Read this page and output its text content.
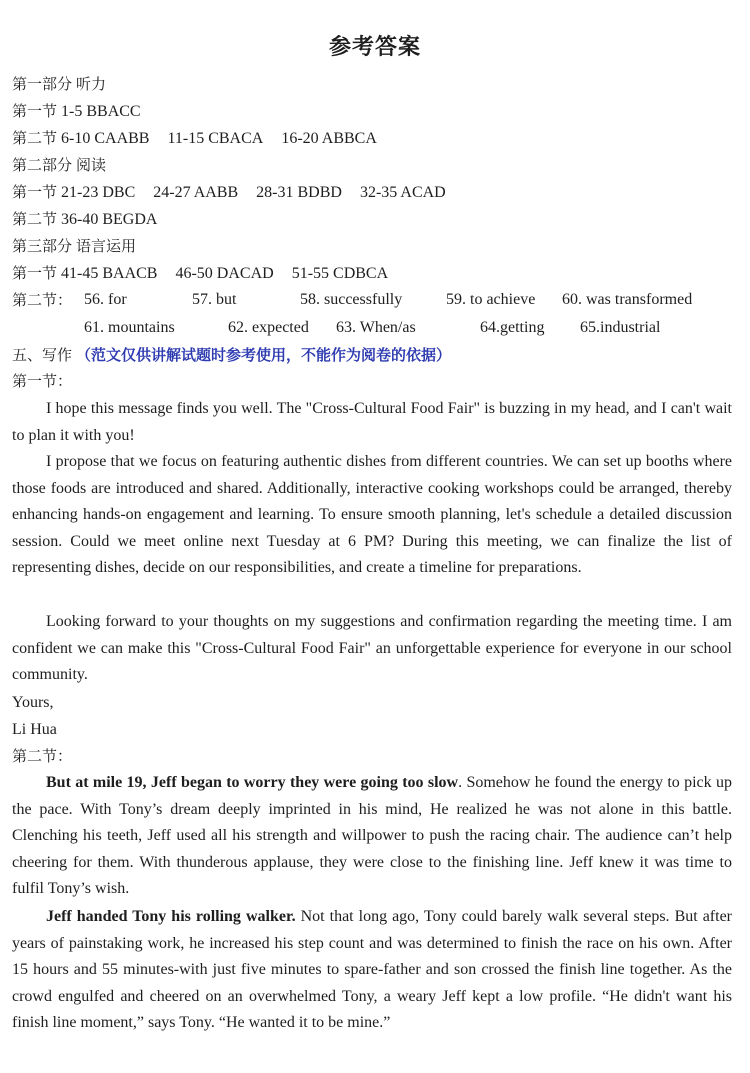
参考答案
第一部分 听力
第一节 1-5 BBACC
第二节 6-10 CAABB 11-15 CBACA 16-20 ABBCA
第二部分 阅读
第一节 21-23 DBC 24-27 AABB 28-31 BDBD 32-35 ACAD
第二节 36-40 BEGDA
第三部分 语言运用
第一节 41-45 BAACB 46-50 DACAD 51-55 CDBCA
第二节： 56. for	57. but	58. successfully	59. to achieve 60. was transformed
61. mountains	62. expected 63. When/as	64.getting 65.industrial
五、写作 （范文仅供讲解试题时参考使用，不能作为阅卷的依据）
第一节：

I hope this message finds you well. The "Cross-Cultural Food Fair" is buzzing in my head, and I can't wait to plan it with you!

I propose that we focus on featuring authentic dishes from different countries. We can set up booths where those foods are introduced and shared. Additionally, interactive cooking workshops could be arranged, thereby enhancing hands-on engagement and learning. To ensure smooth planning, let's schedule a detailed discussion session. Could we meet online next Tuesday at 6 PM? During this meeting, we can finalize the list of representing dishes, decide on our responsibilities, and create a timeline for preparations.

Looking forward to your thoughts on my suggestions and confirmation regarding the meeting time. I am confident we can make this "Cross-Cultural Food Fair" an unforgettable experience for everyone in our school community.

Yours,
Li Hua
第二节：

But at mile 19, Jeff began to worry they were going too slow. Somehow he found the energy to pick up the pace. With Tony’s dream deeply imprinted in his mind, He realized he was not alone in this battle. Clenching his teeth, Jeff used all his strength and willpower to push the racing chair. The audience can’t help cheering for them. With thunderous applause, they were close to the finishing line. Jeff knew it was time to fulfil Tony’s wish.

Jeff handed Tony his rolling walker. Not that long ago, Tony could barely walk several steps. But after years of painstaking work, he increased his step count and was determined to finish the race on his own. After 15 hours and 55 minutes-with just five minutes to spare-father and son crossed the finish line together. As the crowd engulfed and cheered on an overwhelmed Tony, a weary Jeff kept a low profile. “He didn't want his finish line moment,” says Tony. “He wanted it to be mine.”
